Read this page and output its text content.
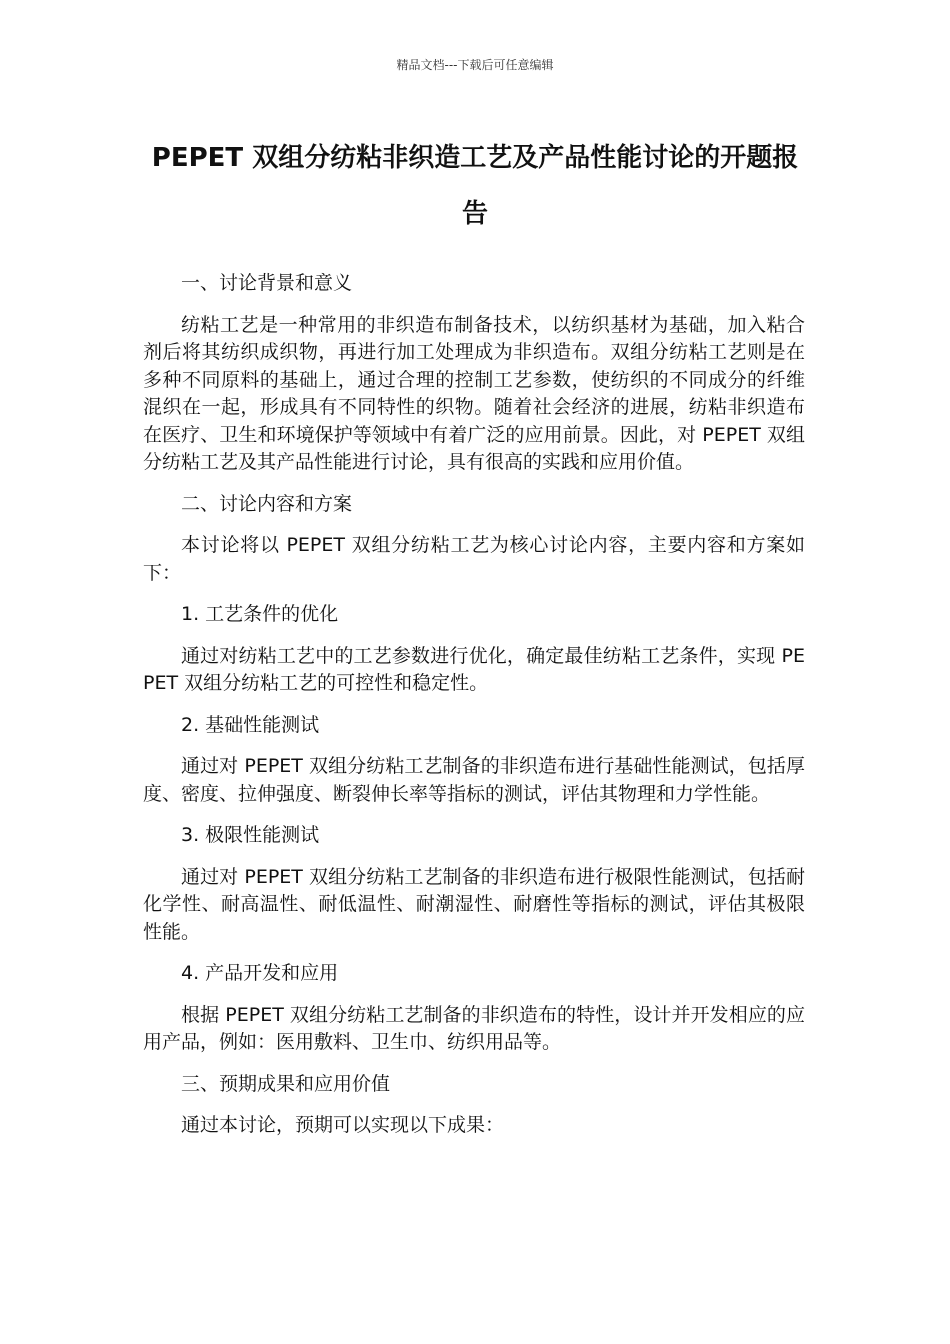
精品文档---下载后可任意编辑
PEPET 双组分纺粘非织造工艺及产品性能讨论的开题报告

一、讨论背景和意义

纺粘工艺是一种常用的非织造布制备技术，以纺织基材为基础，加入粘合剂后将其纺织成织物，再进行加工处理成为非织造布。双组分纺粘工艺则是在多种不同原料的基础上，通过合理的控制工艺参数，使纺织的不同成分的纤维混织在一起，形成具有不同特性的织物。随着社会经济的进展，纺粘非织造布在医疗、卫生和环境保护等领域中有着广泛的应用前景。因此，对 PEPET 双组分纺粘工艺及其产品性能进行讨论，具有很高的实践和应用价值。

二、讨论内容和方案

本讨论将以 PEPET 双组分纺粘工艺为核心讨论内容，主要内容和方案如下：

1. 工艺条件的优化

通过对纺粘工艺中的工艺参数进行优化，确定最佳纺粘工艺条件，实现 PEPET 双组分纺粘工艺的可控性和稳定性。

2. 基础性能测试

通过对 PEPET 双组分纺粘工艺制备的非织造布进行基础性能测试，包括厚度、密度、拉伸强度、断裂伸长率等指标的测试，评估其物理和力学性能。

3. 极限性能测试

通过对 PEPET 双组分纺粘工艺制备的非织造布进行极限性能测试，包括耐化学性、耐高温性、耐低温性、耐潮湿性、耐磨性等指标的测试，评估其极限性能。

4. 产品开发和应用

根据 PEPET 双组分纺粘工艺制备的非织造布的特性，设计并开发相应的应用产品，例如：医用敷料、卫生巾、纺织用品等。

三、预期成果和应用价值

通过本讨论，预期可以实现以下成果：
